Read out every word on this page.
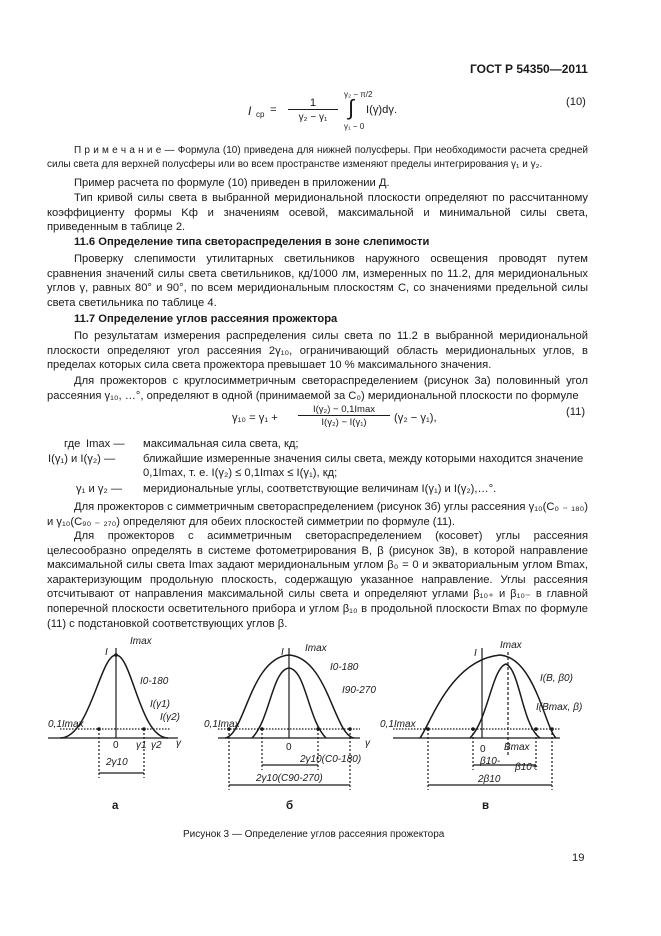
ГОСТ Р 54350—2011
I ср =
1
γ₂ − γ₁
γ₂ − π/2
∫
γ₁ − 0
I(γ)dγ.
(10)

П р и м е ч а н и е — Формула (10) приведена для нижней полусферы. При необходимости расчета средней силы света для верхней полусферы или во всем пространстве изменяют пределы интегрирования γ₁ и γ₂.

Пример расчета по формуле (10) приведен в приложении Д.

Тип кривой силы света в выбранной меридиональной плоскости определяют по рассчитанному коэффициенту формы Kф и значениям осевой, максимальной и минимальной силы света, приведенным в таблице 2.

11.6 Определение типа светораспределения в зоне слепимости

Проверку слепимости утилитарных светильников наружного освещения проводят путем сравнения значений силы света светильников, кд/1000 лм, измеренных по 11.2, для меридиональных углов γ, равных 80° и 90°, по всем меридиональным плоскостям C, со значениями предельной силы света светильника по таблице 4.

11.7 Определение углов рассеяния прожектора

По результатам измерения распределения силы света по 11.2 в выбранной меридиональной плоскости определяют угол рассеяния 2γ₁₀, ограничивающий область меридиональных углов, в пределах которых сила света прожектора превышает 10 % максимального значения.

Для прожекторов с круглосимметричным светораспределением (рисунок 3а) половинный угол рассеяния γ₁₀, …°, определяют в одной (принимаемой за C₀) меридиональной плоскости по формуле

γ₁₀ = γ₁ +
I(γ₂) − 0,1Imax
I(γ₂) − I(γ₁)	(γ₂ − γ₁),	(11)
где Imax — максимальная сила света, кд;
I(γ₁) и I(γ₂) — ближайшие измеренные значения силы света, между которыми находится значение
0,1Imax, т. е. I(γ₂) ≤ 0,1Imax ≤ I(γ₁), кд;
γ₁ и γ₂ — меридиональные углы, соответствующие величинам I(γ₁) и I(γ₂),…°.

Для прожекторов с симметричным светораспределением (рисунок 3б) углы рассеяния γ₁₀(C₀ ₋ ₁₈₀) и γ₁₀(C₉₀ ₋ ₂₇₀) определяют для обеих плоскостей симметрии по формуле (11).

Для прожекторов с асимметричным светораспределением (косовет) углы рассеяния целесообразно определять в системе фотометрирования B, β (рисунок 3в), в которой направление максимальной силы света Imax задают меридиональным углом β₀ = 0 и экваториальным углом Bmax, характеризующим продольную плоскость, содержащую указанное направление. Углы рассеяния отсчитывают от направления максимальной силы света и определяют углами β₁₀₊ и β₁₀₋ в главной поперечной плоскости осветительного прибора и углом β₁₀ в продольной плоскости Bmax по формуле (11) с подстановкой соответствующих углов β.

I
Imax
I0-180
I(γ1)
I(γ2)
0,1Imax
0 γ1 γ2 γ
2γ10
а
I Imax
I0-180
I90-270
0,1Imax
0	γ
2γ10(C0-180)
2γ10(C90-270)
б
I
Imax
I(B, β0)
I(Bmax, β)
0,1Imax
0 Bmax
β10-
β10+
2β10
в
Рисунок 3 — Определение углов рассеяния прожектора
19
